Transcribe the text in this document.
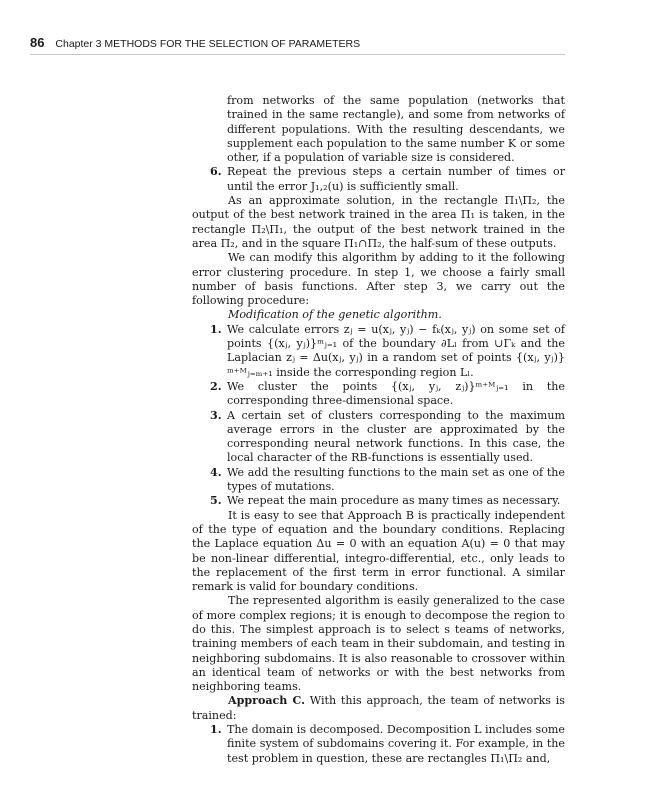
86 Chapter 3 METHODS FOR THE SELECTION OF PARAMETERS

from networks of the same population (networks that trained in the same rectangle), and some from networks of different populations. With the resulting descendants, we supplement each population to the same number K or some other, if a population of variable size is considered.

6. Repeat the previous steps a certain number of times or until the error J₁,₂(u) is sufficiently small.

As an approximate solution, in the rectangle Π₁\Π₂, the output of the best network trained in the area Π₁ is taken, in the rectangle Π₂\Π₁, the output of the best network trained in the area Π₂, and in the square Π₁∩Π₂, the half-sum of these outputs.

We can modify this algorithm by adding to it the following error clustering procedure. In step 1, we choose a fairly small number of basis functions. After step 3, we carry out the following procedure:

Modification of the genetic algorithm.

1. We calculate errors zⱼ = u(xⱼ, yⱼ) − fₖ(xⱼ, yⱼ) on some set of points {(xⱼ, yⱼ)}ᵐⱼ₌₁ of the boundary ∂Lₗ from ∪Γₖ and the Laplacian zⱼ = Δu(xⱼ, yⱼ) in a random set of points {(xⱼ, yⱼ)}ᵐ⁺ᴹⱼ₌ₘ₊₁ inside the corresponding region Lₗ.
2. We cluster the points {(xⱼ, yⱼ, zⱼ)}ᵐ⁺ᴹⱼ₌₁ in the corresponding three-dimensional space.
3. A certain set of clusters corresponding to the maximum average errors in the cluster are approximated by the corresponding neural network functions. In this case, the local character of the RB-functions is essentially used.
4. We add the resulting functions to the main set as one of the types of mutations.
5. We repeat the main procedure as many times as necessary.

It is easy to see that Approach B is practically independent of the type of equation and the boundary conditions. Replacing the Laplace equation Δu = 0 with an equation A(u) = 0 that may be non-linear differential, integro-differential, etc., only leads to the replacement of the first term in error functional. A similar remark is valid for boundary conditions.

The represented algorithm is easily generalized to the case of more complex regions; it is enough to decompose the region to do this. The simplest approach is to select s teams of networks, training members of each team in their subdomain, and testing in neighboring subdomains. It is also reasonable to crossover within an identical team of networks or with the best networks from neighboring teams.

Approach C. With this approach, the team of networks is trained:

1. The domain is decomposed. Decomposition L includes some finite system of subdomains covering it. For example, in the test problem in question, these are rectangles Π₁\Π₂ and,
